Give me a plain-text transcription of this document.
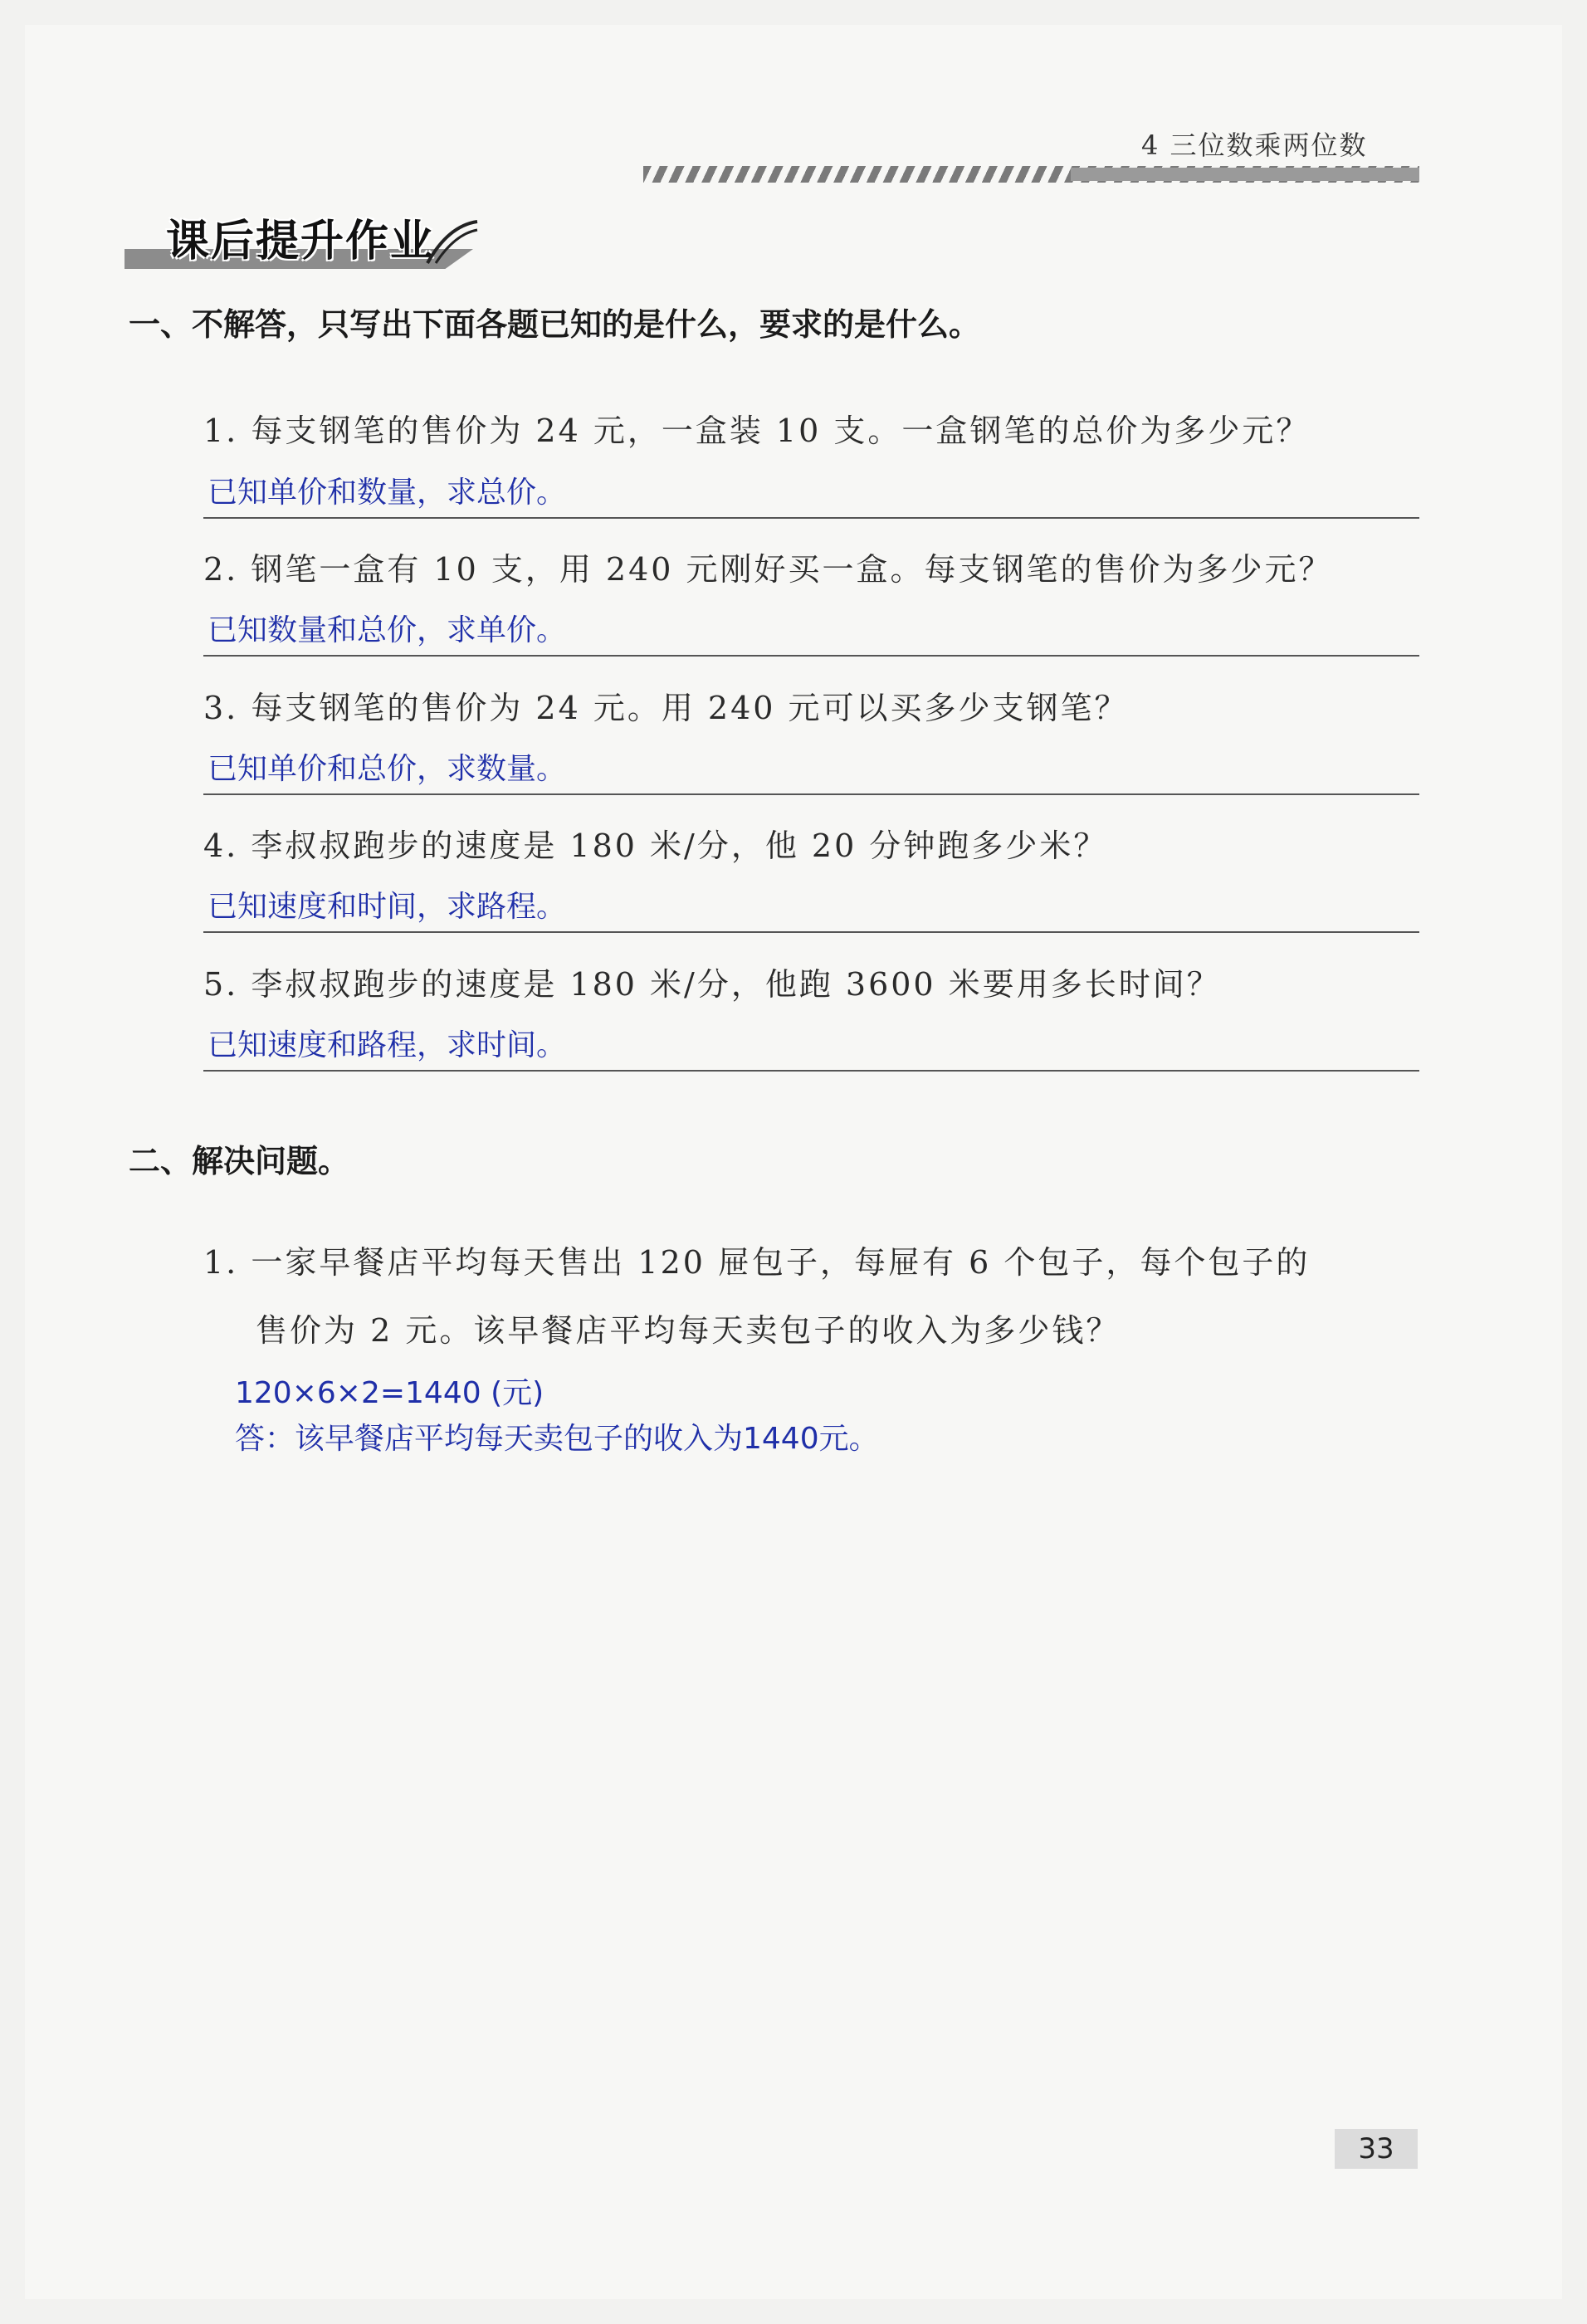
4 三位数乘两位数
课后提升作业
一、不解答，只写出下面各题已知的是什么，要求的是什么。
1. 每支钢笔的售价为 24 元，一盒装 10 支。一盒钢笔的总价为多少元？
已知单价和数量，求总价。
2. 钢笔一盒有 10 支，用 240 元刚好买一盒。每支钢笔的售价为多少元？
已知数量和总价，求单价。
3. 每支钢笔的售价为 24 元。用 240 元可以买多少支钢笔？
已知单价和总价，求数量。
4. 李叔叔跑步的速度是 180 米/分，他 20 分钟跑多少米？
已知速度和时间，求路程。
5. 李叔叔跑步的速度是 180 米/分，他跑 3600 米要用多长时间？
已知速度和路程，求时间。
二、解决问题。
1. 一家早餐店平均每天售出 120 屉包子，每屉有 6 个包子，每个包子的
售价为 2 元。该早餐店平均每天卖包子的收入为多少钱？
120×6×2=1440 (元)
答：该早餐店平均每天卖包子的收入为1440元。
33
